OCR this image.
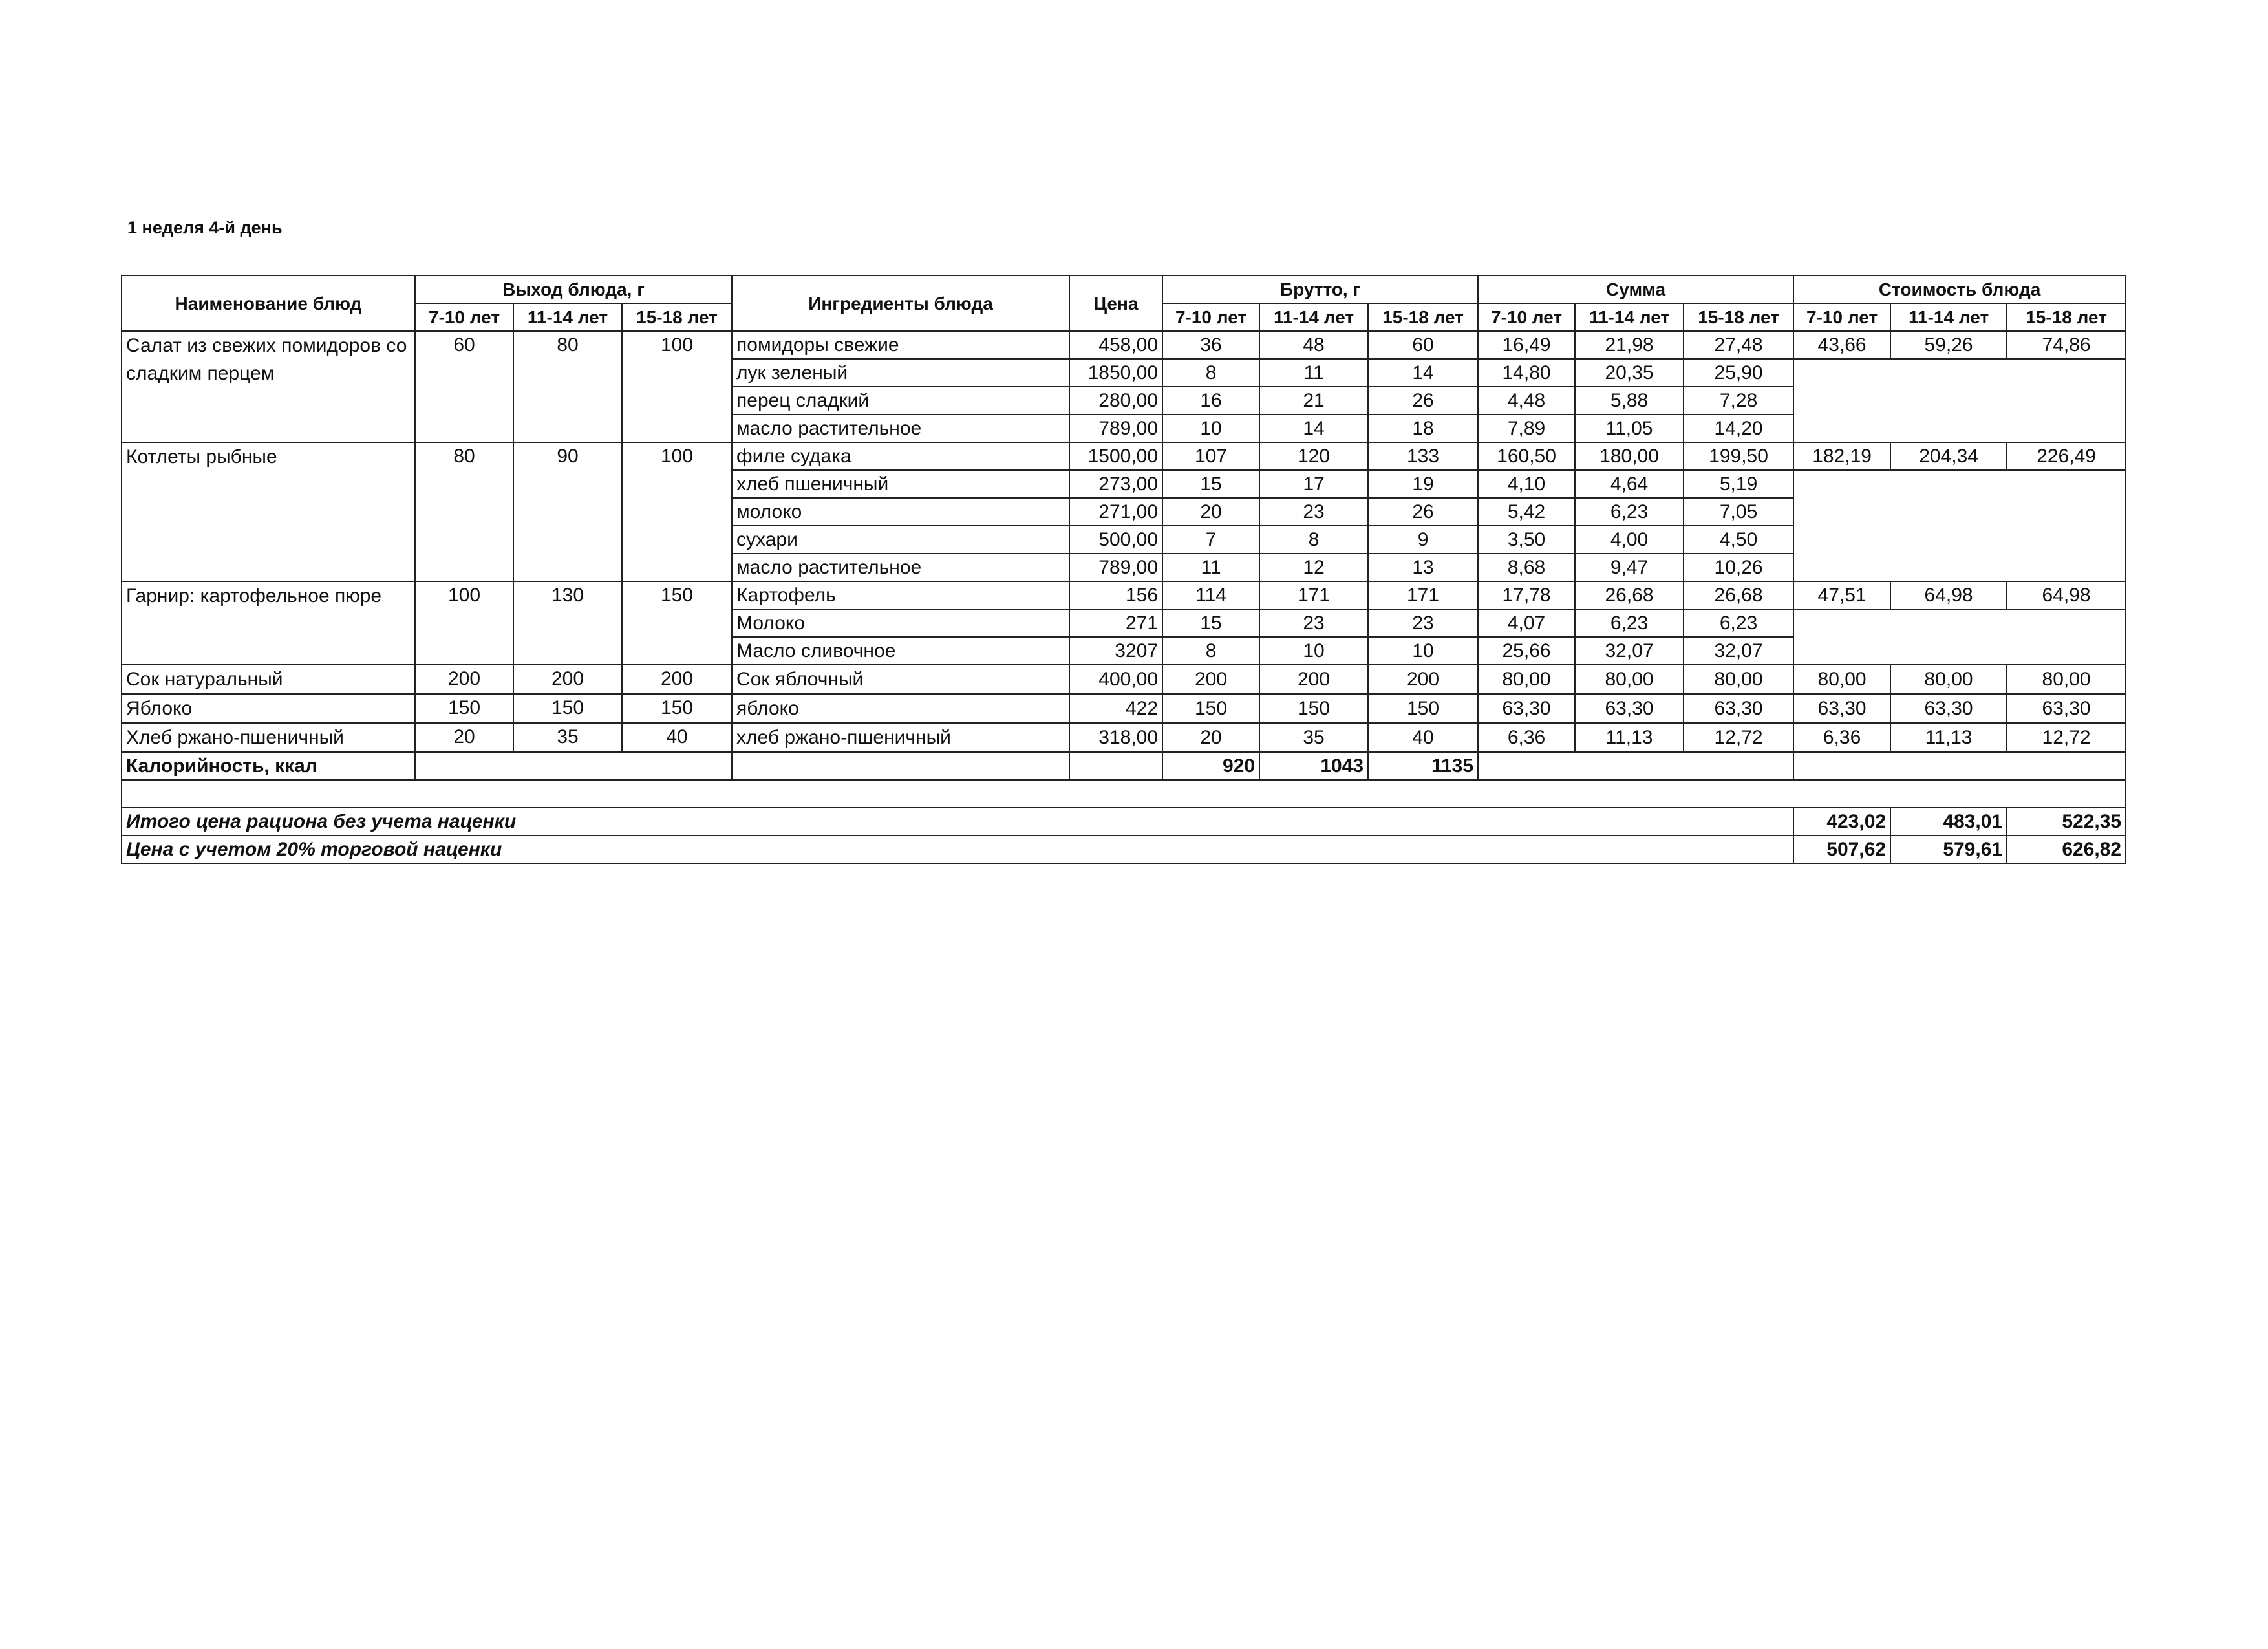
1 неделя 4-й день
Наименование блюд	Выход блюда, г			Ингредиенты блюда	Цена	Брутто, г			Сумма			Стоимость блюда		
	7-10 лет	11-14 лет	15-18 лет			7-10 лет	11-14 лет	15-18 лет	7-10 лет	11-14 лет	15-18 лет	7-10 лет	11-14 лет	15-18 лет
Салат из свежих помидоров со сладким перцем	60	80	100	помидоры свежие	458,00	36	48	60	16,49	21,98	27,48	43,66	59,26	74,86
				лук зеленый	1850,00	8	11	14	14,80	20,35	25,90			
				перец сладкий	280,00	16	21	26	4,48	5,88	7,28			
				масло растительное	789,00	10	14	18	7,89	11,05	14,20			
Котлеты рыбные	80	90	100	филе судака	1500,00	107	120	133	160,50	180,00	199,50	182,19	204,34	226,49
				хлеб пшеничный	273,00	15	17	19	4,10	4,64	5,19			
				молоко	271,00	20	23	26	5,42	6,23	7,05			
				сухари	500,00	7	8	9	3,50	4,00	4,50			
				масло растительное	789,00	11	12	13	8,68	9,47	10,26			
Гарнир: картофельное пюре	100	130	150	Картофель	156	114	171	171	17,78	26,68	26,68	47,51	64,98	64,98
				Молоко	271	15	23	23	4,07	6,23	6,23			
				Масло сливочное	3207	8	10	10	25,66	32,07	32,07			
Сок натуральный	200	200	200	Сок яблочный	400,00	200	200	200	80,00	80,00	80,00	80,00	80,00	80,00
Яблоко	150	150	150	яблоко	422	150	150	150	63,30	63,30	63,30	63,30	63,30	63,30
Хлеб ржано-пшеничный	20	35	40	хлеб ржано-пшеничный	318,00	20	35	40	6,36	11,13	12,72	6,36	11,13	12,72
Калорийность, ккал						920	1043	1135						

Итого цена рациона без учета наценки												423,02	483,01	522,35
Цена с учетом 20% торговой наценки												507,62	579,61	626,82
